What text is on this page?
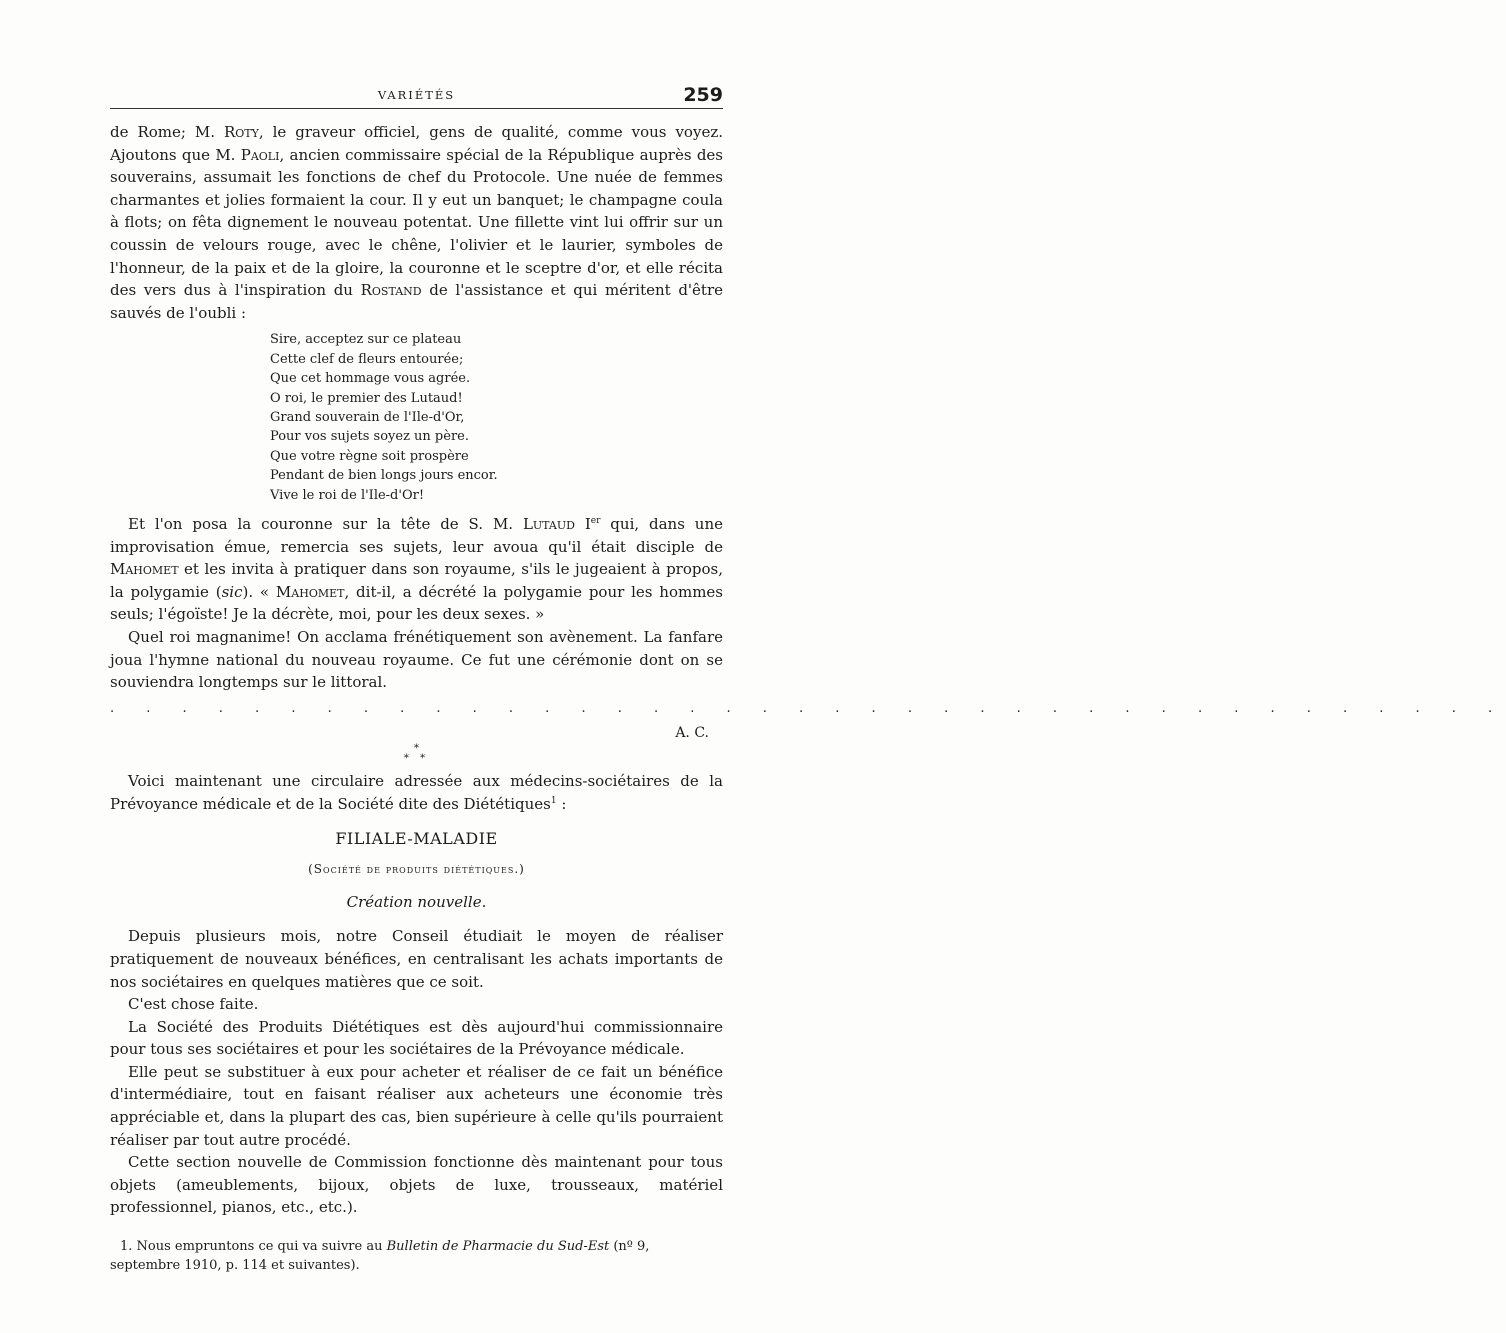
VARIÉTÉS	259

de Rome; M. Roty, le graveur officiel, gens de qualité, comme vous voyez. Ajoutons que M. Paoli, ancien commissaire spécial de la République auprès des souverains, assumait les fonctions de chef du Protocole. Une nuée de femmes charmantes et jolies formaient la cour. Il y eut un banquet; le champagne coula à flots; on fêta dignement le nouveau potentat. Une fillette vint lui offrir sur un coussin de velours rouge, avec le chêne, l'olivier et le laurier, symboles de l'honneur, de la paix et de la gloire, la couronne et le sceptre d'or, et elle récita des vers dus à l'inspiration du Rostand de l'assistance et qui méritent d'être sauvés de l'oubli :

Sire, acceptez sur ce plateau
Cette clef de fleurs entourée;
Que cet hommage vous agrée.
O roi, le premier des Lutaud!
Grand souverain de l'Ile-d'Or,
Pour vos sujets soyez un père.
Que votre règne soit prospère
Pendant de bien longs jours encor.
Vive le roi de l'Ile-d'Or!

Et l'on posa la couronne sur la tête de S. M. Lutaud Ier qui, dans une improvisation émue, remercia ses sujets, leur avoua qu'il était disciple de Mahomet et les invita à pratiquer dans son royaume, s'ils le jugeaient à propos, la polygamie (sic). « Mahomet, dit-il, a décrété la polygamie pour les hommes seuls; l'égoïste! Je la décrète, moi, pour les deux sexes. »

Quel roi magnanime! On acclama frénétiquement son avènement. La fanfare joua l'hymne national du nouveau royaume. Ce fut une cérémonie dont on se souviendra longtemps sur le littoral.

. . . . . . . . . . . . . . . . . . . . . . . . . . . . . . . . . . . . . . .
A. C.
*
* *

Voici maintenant une circulaire adressée aux médecins-sociétaires de la Prévoyance médicale et de la Société dite des Diététiques$^1$ :

FILIALE-MALADIE
(Société de produits diététiques.)
Création nouvelle.

Depuis plusieurs mois, notre Conseil étudiait le moyen de réaliser pratiquement de nouveaux bénéfices, en centralisant les achats importants de nos sociétaires en quelques matières que ce soit.

C'est chose faite.

La Société des Produits Diététiques est dès aujourd'hui commissionnaire pour tous ses sociétaires et pour les sociétaires de la Prévoyance médicale.

Elle peut se substituer à eux pour acheter et réaliser de ce fait un bénéfice d'intermédiaire, tout en faisant réaliser aux acheteurs une économie très appréciable et, dans la plupart des cas, bien supérieure à celle qu'ils pourraient réaliser par tout autre procédé.

Cette section nouvelle de Commission fonctionne dès maintenant pour tous objets (ameublements, bijoux, objets de luxe, trousseaux, matériel professionnel, pianos, etc., etc.).

1. Nous empruntons ce qui va suivre au Bulletin de Pharmacie du Sud-Est (nº 9, septembre 1910, p. 114 et suivantes).
